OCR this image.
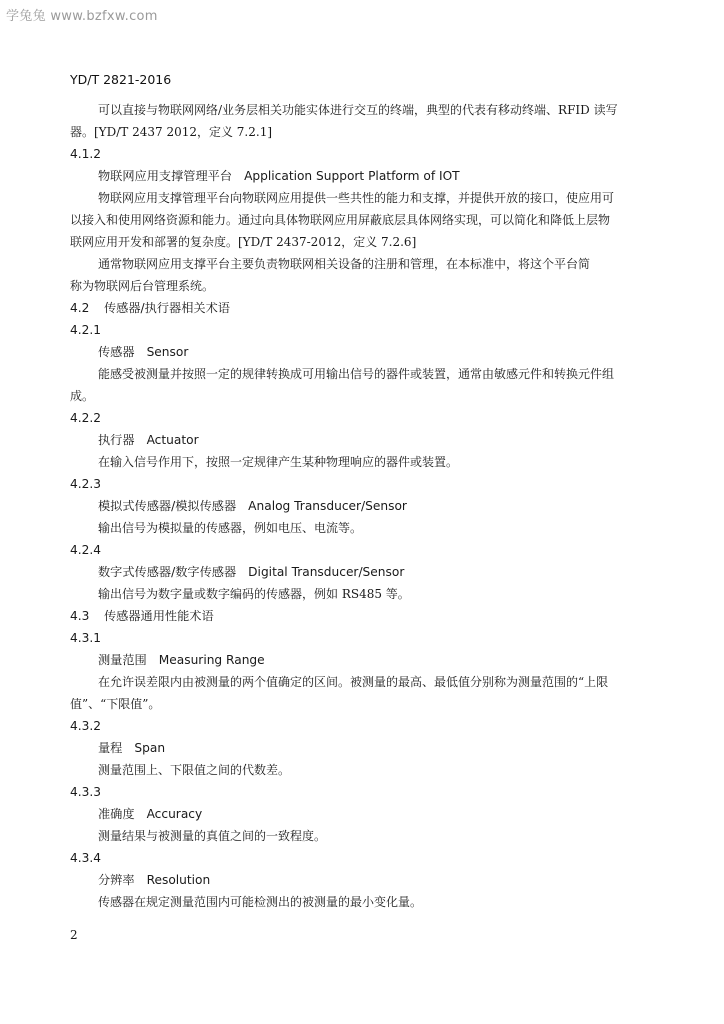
学兔兔 www.bzfxw.com
YD/T 2821-2016

可以直接与物联网网络/业务层相关功能实体进行交互的终端，典型的代表有移动终端、RFID 读写

器。[YD/T 2437 2012，定义 7.2.1]

4.1.2

物联网应用支撑管理平台 Application Support Platform of IOT

物联网应用支撑管理平台向物联网应用提供一些共性的能力和支撑，并提供开放的接口，使应用可

以接入和使用网络资源和能力。通过向具体物联网应用屏蔽底层具体网络实现，可以简化和降低上层物

联网应用开发和部署的复杂度。[YD/T 2437-2012，定义 7.2.6]

通常物联网应用支撑平台主要负责物联网相关设备的注册和管理，在本标准中，将这个平台简

称为物联网后台管理系统。

4.2 传感器/执行器相关术语

4.2.1

传感器 Sensor

能感受被测量并按照一定的规律转换成可用输出信号的器件或装置，通常由敏感元件和转换元件组

成。

4.2.2

执行器 Actuator

在输入信号作用下，按照一定规律产生某种物理响应的器件或装置。

4.2.3

模拟式传感器/模拟传感器 Analog Transducer/Sensor

输出信号为模拟量的传感器，例如电压、电流等。

4.2.4

数字式传感器/数字传感器 Digital Transducer/Sensor

输出信号为数字量或数字编码的传感器，例如 RS485 等。

4.3 传感器通用性能术语

4.3.1

测量范围 Measuring Range

在允许误差限内由被测量的两个值确定的区间。被测量的最高、最低值分别称为测量范围的“上限

值”、“下限值”。

4.3.2

量程 Span

测量范围上、下限值之间的代数差。

4.3.3

准确度 Accuracy

测量结果与被测量的真值之间的一致程度。

4.3.4

分辨率 Resolution

传感器在规定测量范围内可能检测出的被测量的最小变化量。

2
